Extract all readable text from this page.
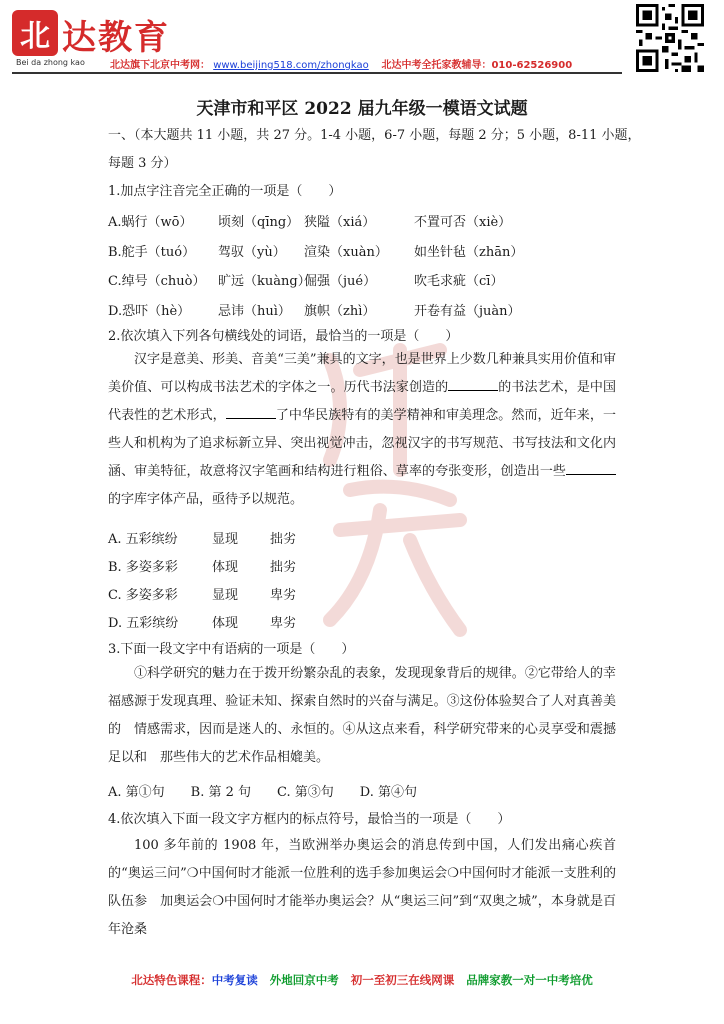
北 达教育
Bei da zhong kao	北达旗下北京中考网： www.beijing518.com/zhongkao 北达中考全托家教辅导：010-62526900
天津市和平区 2022 届九年级一模语文试题
一、（本大题共 11 小题，共 27 分。1-4 小题，6-7 小题，每题 2 分；5 小题，8-11 小题，
每题 3 分）
1.加点字注音完全正确的一项是（　　）
A.蜗行（wō） 顷刻（qīng） 狭隘（xiá）	不置可否（xiè）
B.舵手（tuó） 驾驭（yù） 渲染（xuàn） 如坐针毡（zhān）
C.绰号（chuò） 旷远（kuàng）倔强（jué）	吹毛求疵（cī）
D.恐吓（hè） 忌讳（huì） 旗帜（zhì）	开卷有益（juàn）
2.依次填入下列各句横线处的词语，最恰当的一项是（　　）

汉字是意美、形美、音美“三美”兼具的文字，也是世界上少数几种兼具实用价值和审美价值、可以构成书法艺术的字体之一。历代书法家创造的	的书法艺术，是中国代表性的艺术形式，	了中华民族特有的美学精神和审美理念。然而，近年来，一些人和机构为了追求标新立异、突出视觉冲击，忽视汉字的书写规范、书写技法和文化内涵、审美特征，故意将汉字笔画和结构进行粗俗、草率的夸张变形，创造出一些的字库字体产品，亟待予以规范。

A. 五彩缤纷	显现 拙劣
B. 多姿多彩	体现 拙劣
C. 多姿多彩	显现 卑劣
D. 五彩缤纷	体现 卑劣
3.下面一段文字中有语病的一项是（　　）

①科学研究的魅力在于拨开纷繁杂乱的表象，发现现象背后的规律。②它带给人的幸福感源于发现真理、验证未知、探索自然时的兴奋与满足。③这份体验契合了人对真善美的　情感需求，因而是迷人的、永恒的。④从这点来看，科学研究带来的心灵享受和震撼足以和　那些伟大的艺术作品相媲美。

A. 第①句　　B. 第 2 句　　C. 第③句　　D. 第④句
4.依次填入下面一段文字方框内的标点符号，最恰当的一项是（　　）

100 多年前的 1908 年，当欧洲举办奥运会的消息传到中国，人们发出痛心疾首的“奥运三问”❍中国何时才能派一位胜利的选手参加奥运会❍中国何时才能派一支胜利的队伍参　加奥运会❍中国何时才能举办奥运会？从“奥运三问”到“双奥之城”，本身就是百年沧桑

北达特色课程：中考复读 外地回京中考 初一至初三在线网课 品牌家教一对一中考培优
